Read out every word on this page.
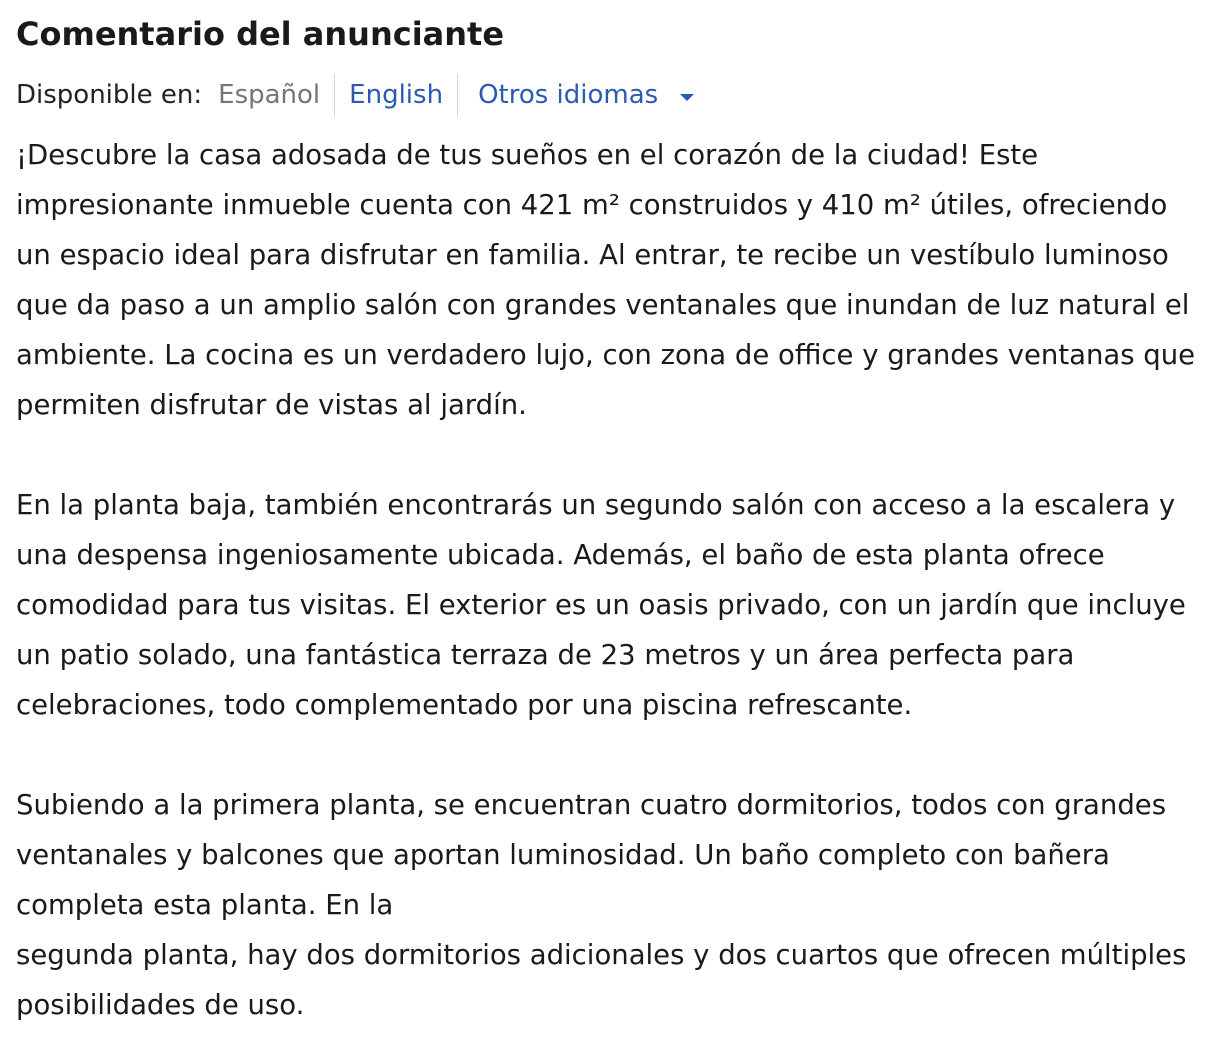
Comentario del anunciante
Disponible en: Español	English	Otros idiomas

¡Descubre la casa adosada de tus sueños en el corazón de la ciudad! Este impresionante inmueble cuenta con 421 m² construidos y 410 m² útiles, ofreciendo un espacio ideal para disfrutar en familia. Al entrar, te recibe un vestíbulo luminoso que da paso a un amplio salón con grandes ventanales que inundan de luz natural el ambiente. La cocina es un verdadero lujo, con zona de office y grandes ventanas que permiten disfrutar de vistas al jardín.

En la planta baja, también encontrarás un segundo salón con acceso a la escalera y una despensa ingeniosamente ubicada. Además, el baño de esta planta ofrece comodidad para tus visitas. El exterior es un oasis privado, con un jardín que incluye un patio solado, una fantástica terraza de 23 metros y un área perfecta para celebraciones, todo complementado por una piscina refrescante.

Subiendo a la primera planta, se encuentran cuatro dormitorios, todos con grandes ventanales y balcones que aportan luminosidad. Un baño completo con bañera completa esta planta. En la
segunda planta, hay dos dormitorios adicionales y dos cuartos que ofrecen múltiples posibilidades de uso.
